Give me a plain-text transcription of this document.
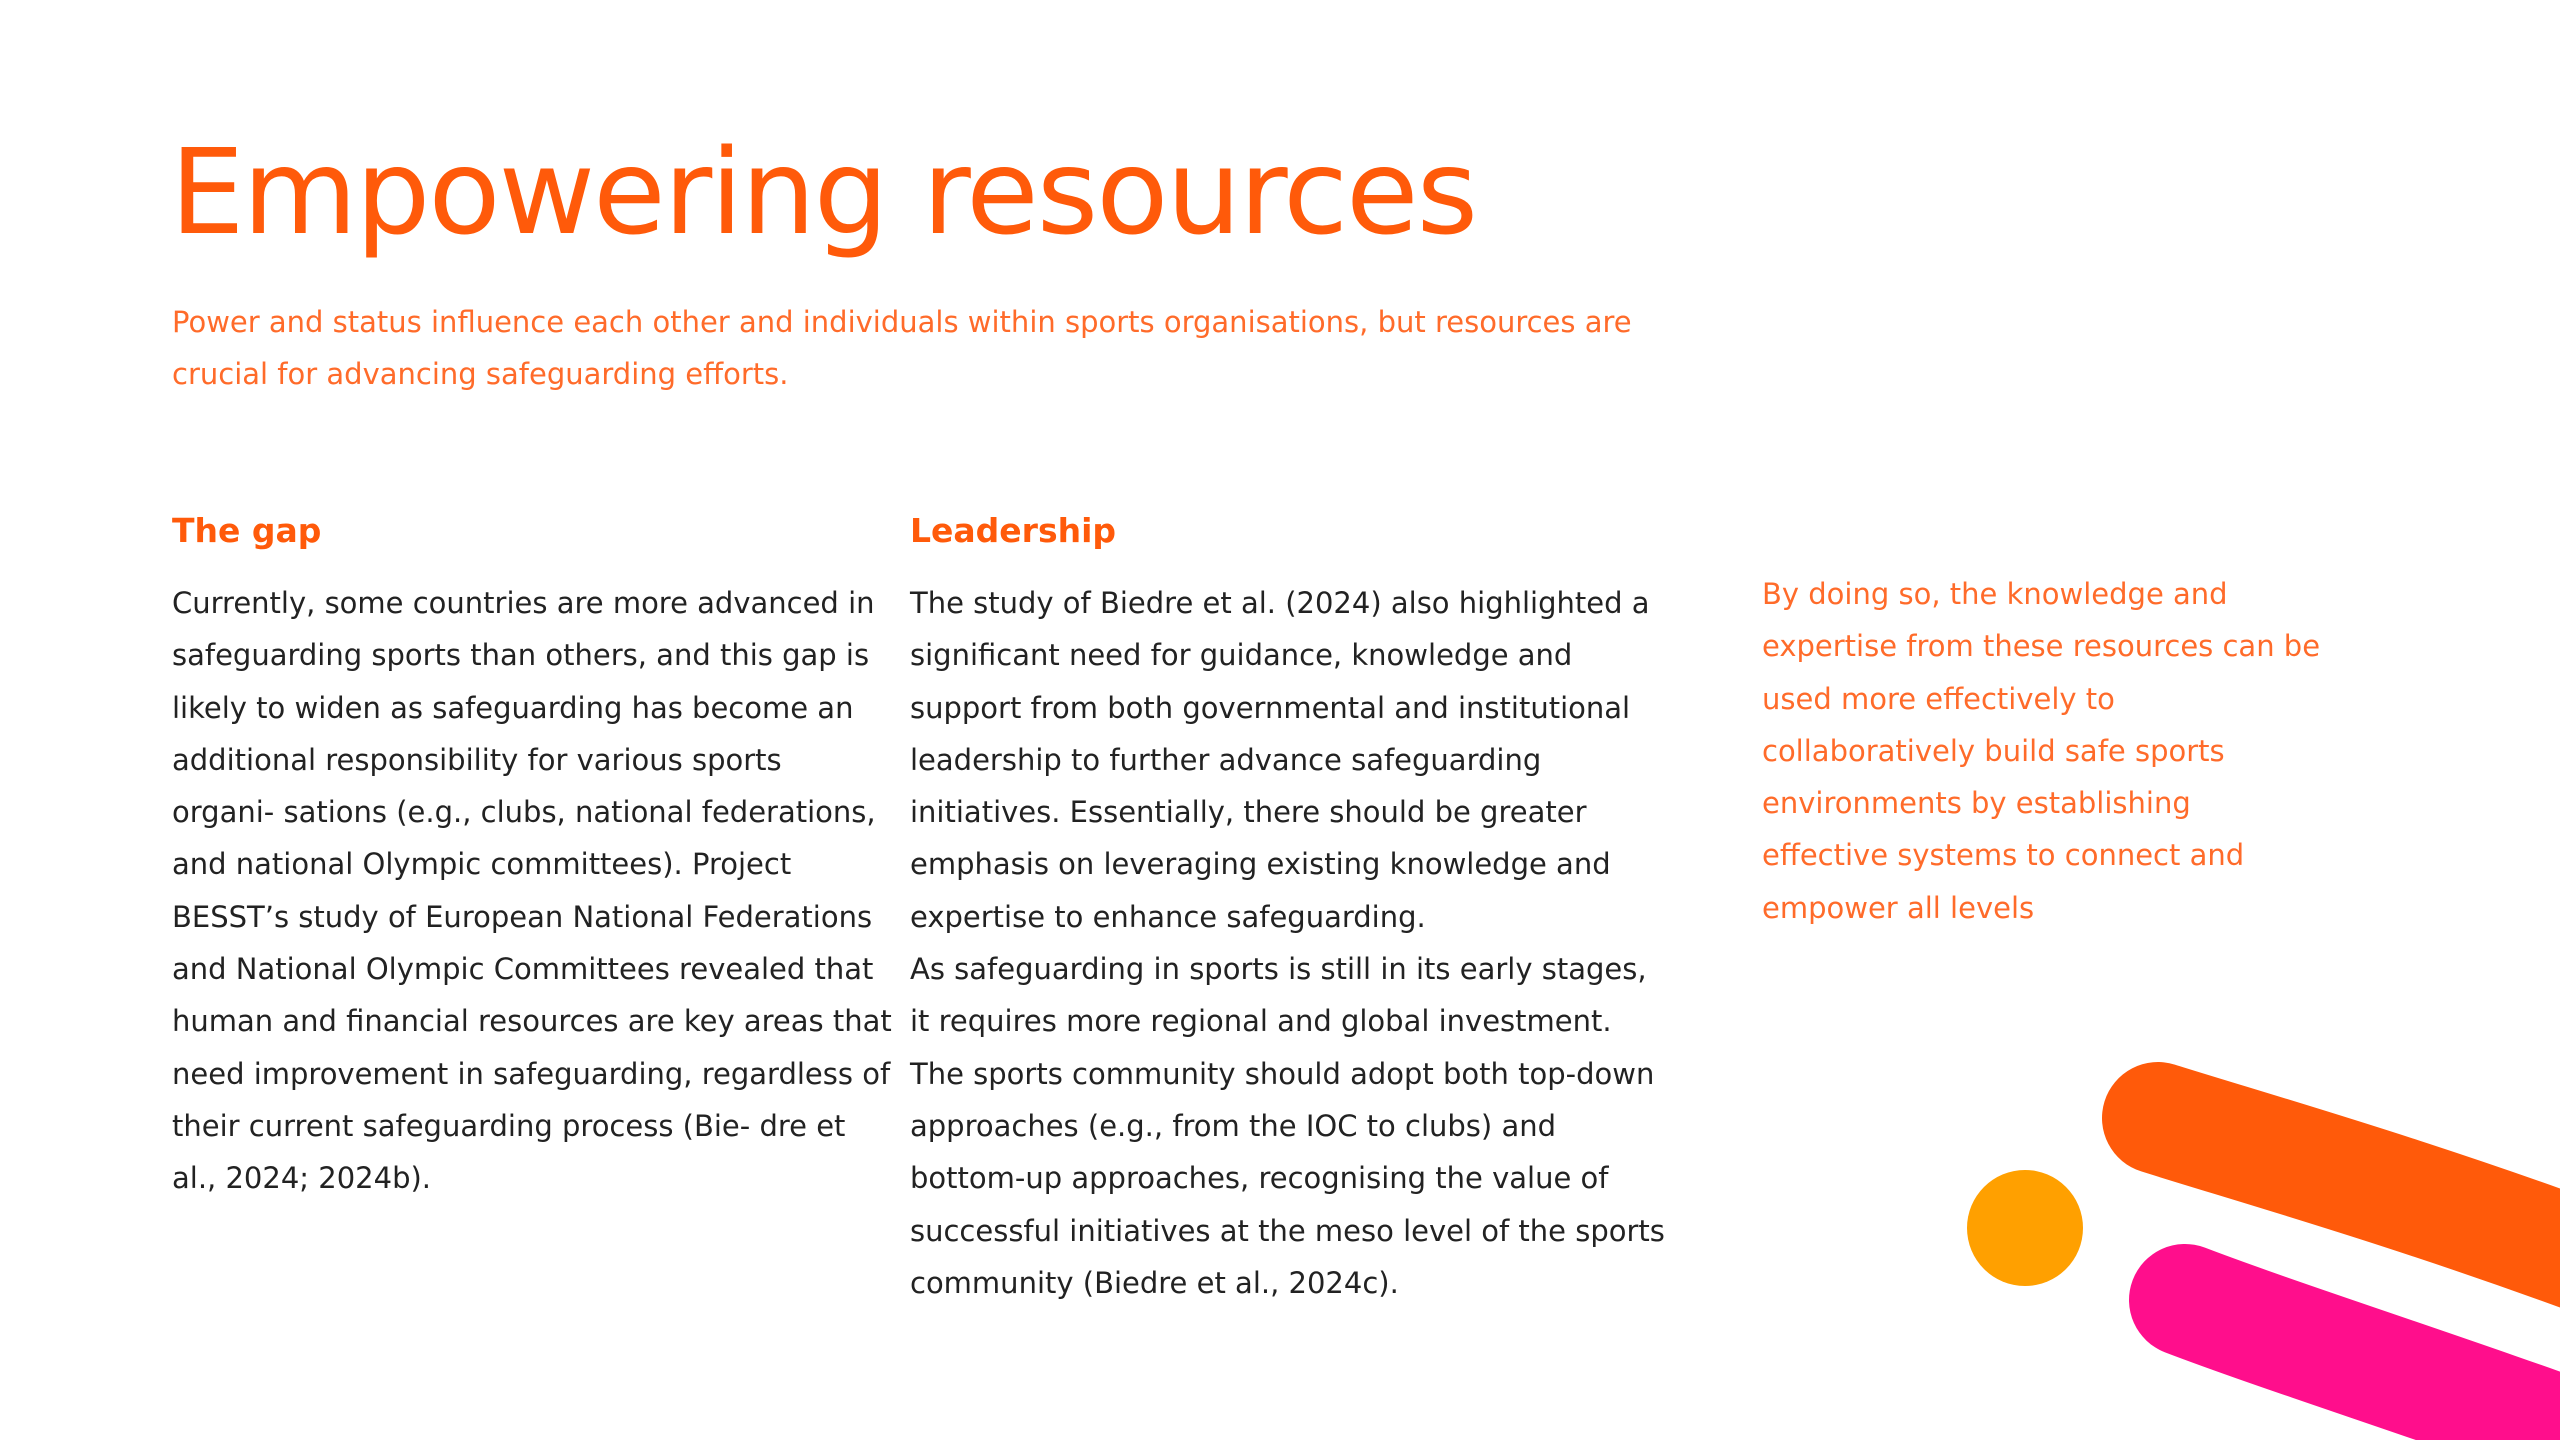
Empowering resources

Power and status influence each other and individuals within sports organisations, but resources are crucial for advancing safeguarding efforts.

The gap

Currently, some countries are more advanced in safeguarding sports than others, and this gap is likely to widen as safeguarding has become an additional responsibility for various sports organi- sations (e.g., clubs, national federations, and national Olympic committees). Project BESST’s study of European National Federations and National Olympic Committees revealed that human and financial resources are key areas that need improvement in safeguarding, regardless of their current safeguarding process (Bie- dre et al., 2024; 2024b).

Leadership

The study of Biedre et al. (2024) also highlighted a significant need for guidance, knowledge and support from both governmental and institutional leadership to further advance safeguarding initiatives. Essentially, there should be greater emphasis on leveraging existing knowledge and expertise to enhance safeguarding.

As safeguarding in sports is still in its early stages, it requires more regional and global investment. The sports community should adopt both top-down approaches (e.g., from the IOC to clubs) and bottom-up approaches, recognising the value of successful initiatives at the meso level of the sports community (Biedre et al., 2024c).

By doing so, the knowledge and expertise from these resources can be used more effectively to collaboratively build safe sports environments by establishing effective systems to connect and empower all levels
